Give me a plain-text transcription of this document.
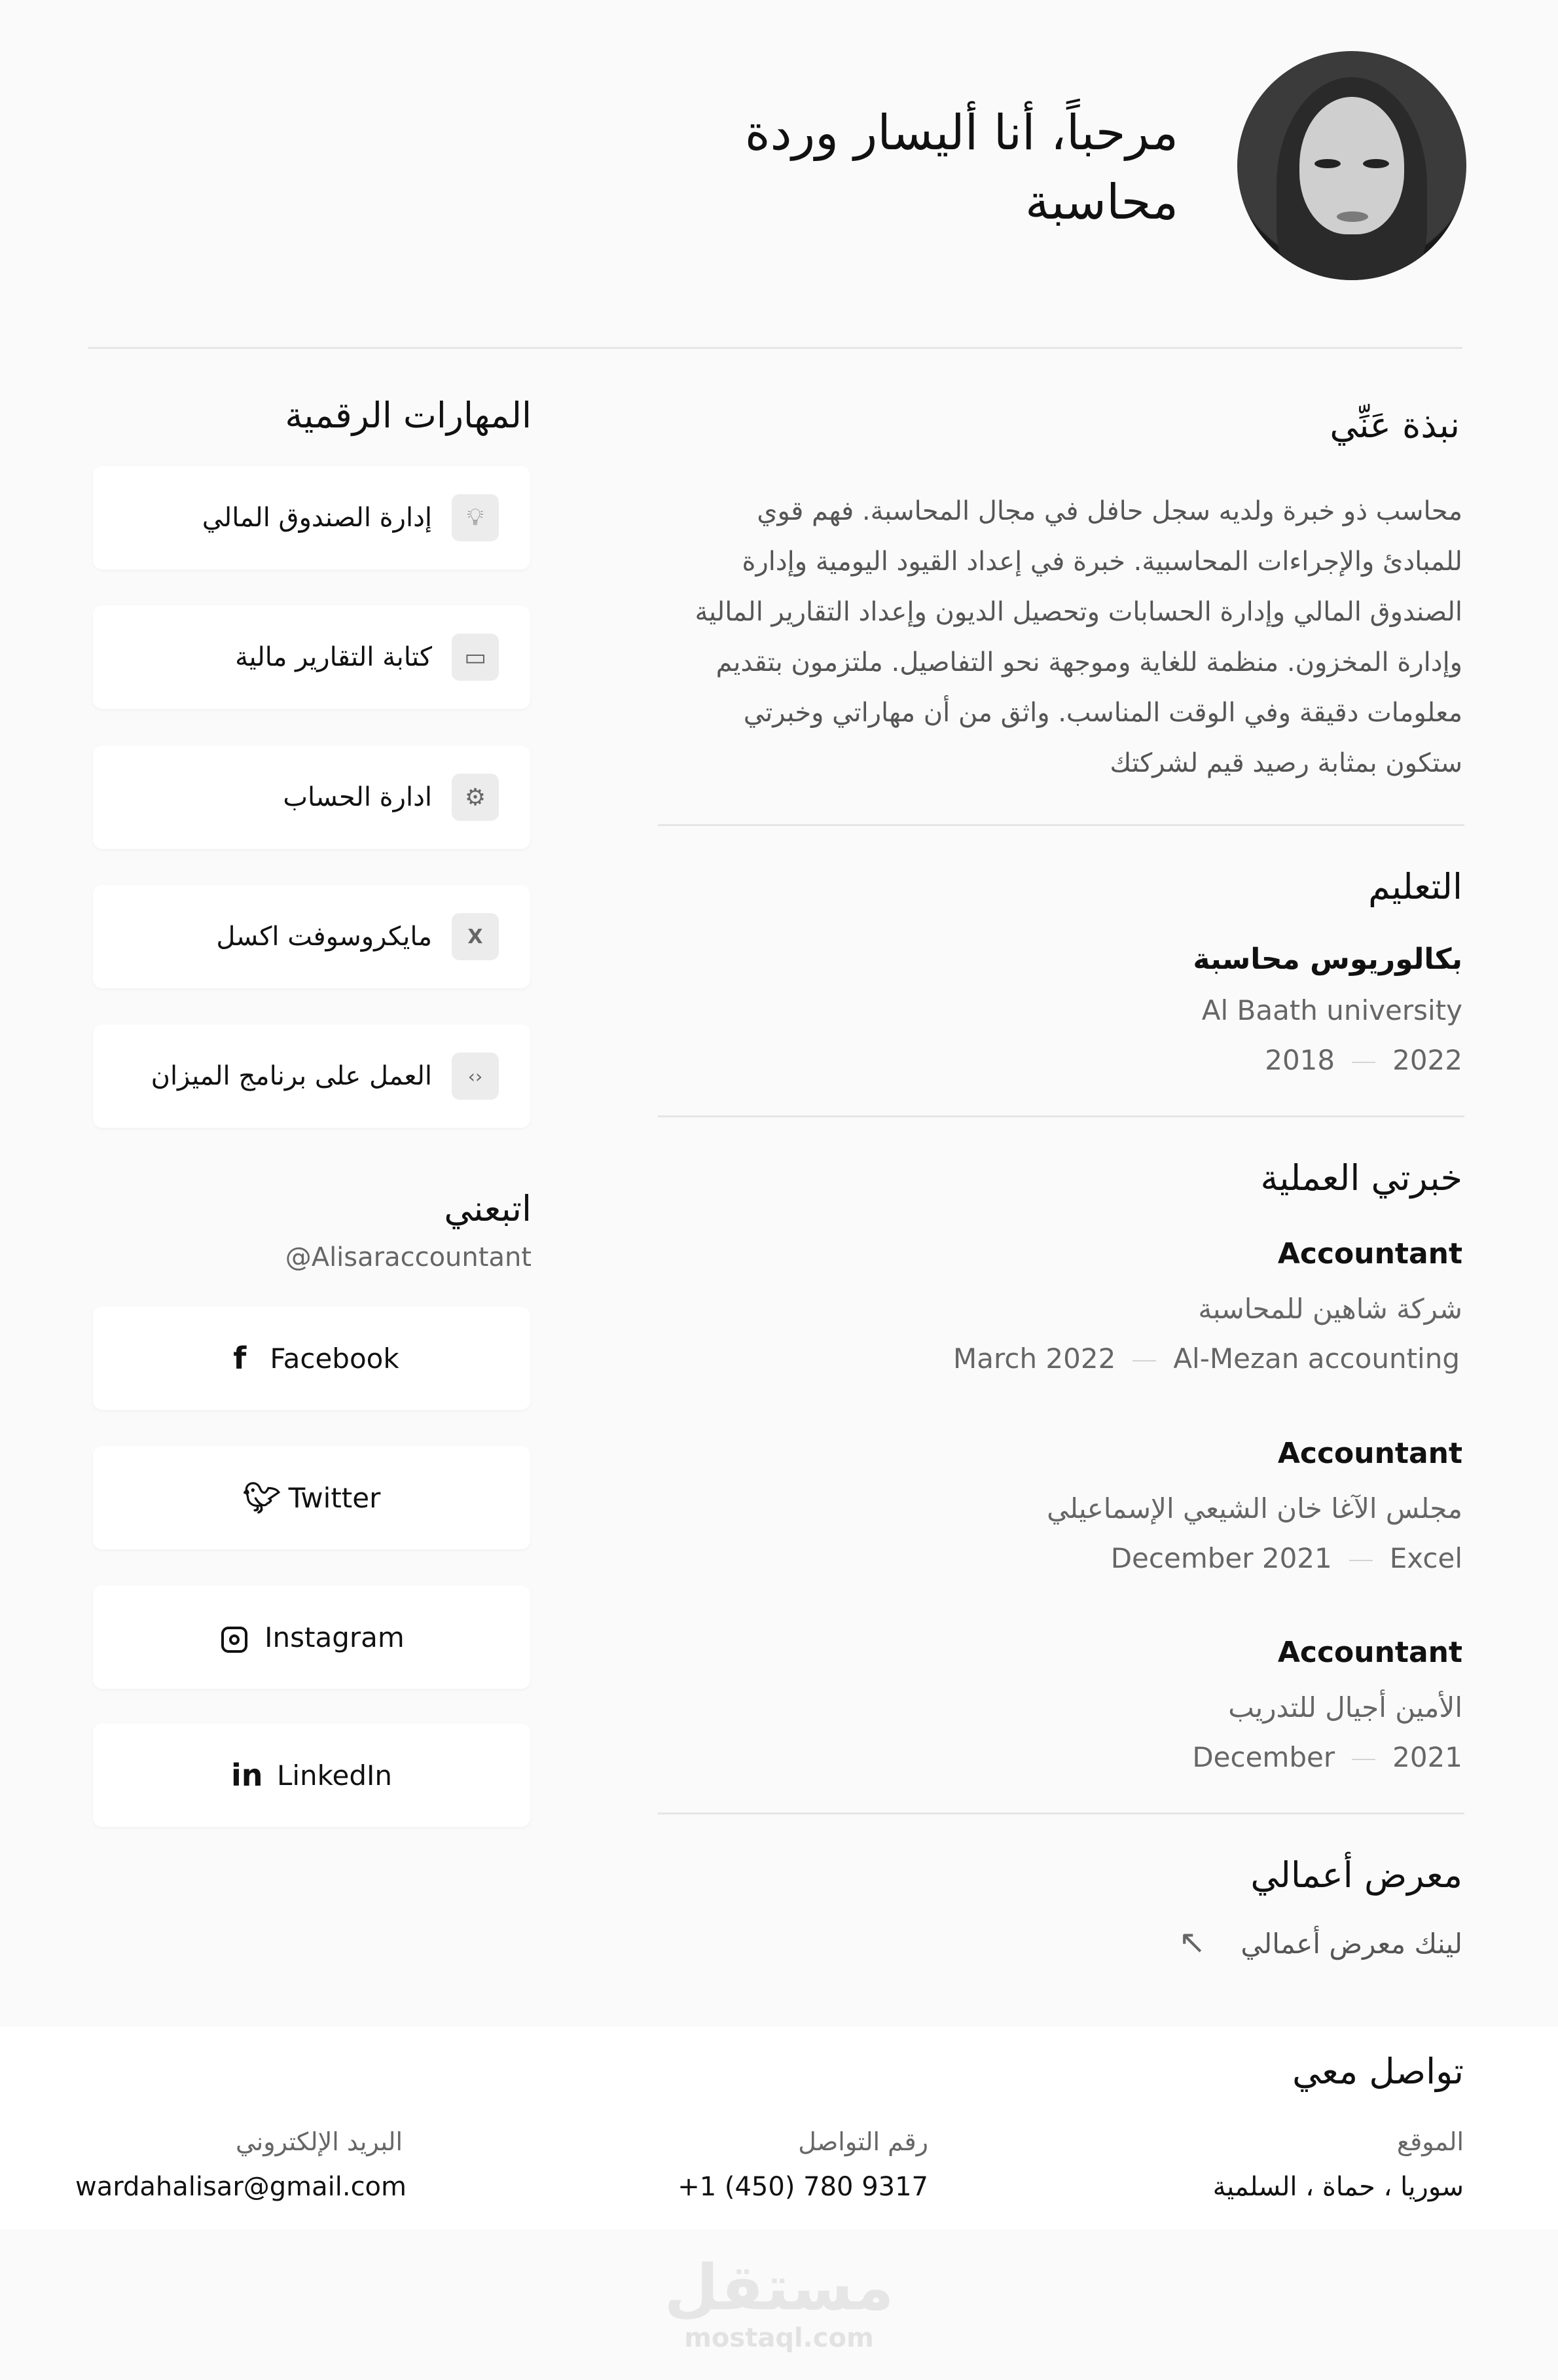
مرحباً، أنا أليسار وردة
محاسبة
نبذة عَنِّي
محاسب ذو خبرة ولديه سجل حافل في مجال المحاسبة. فهم قوي
للمبادئ والإجراءات المحاسبية. خبرة في إعداد القيود اليومية وإدارة
الصندوق المالي وإدارة الحسابات وتحصيل الديون وإعداد التقارير المالية
وإدارة المخزون. منظمة للغاية وموجهة نحو التفاصيل. ملتزمون بتقديم
معلومات دقيقة وفي الوقت المناسب. واثق من أن مهاراتي وخبرتي
ستكون بمثابة رصيد قيم لشركتك
التعليم
بكالوريوس محاسبة
Al Baath university
2018 2022
خبرتي العملية
Accountant
شركة شاهين للمحاسبة
March 2022 Al-Mezan accounting
Accountant
مجلس الآغا خان الشيعي الإسماعيلي
December 2021 Excel
Accountant
الأمين أجيال للتدريب
December 2021
معرض أعمالي
لينك معرض أعمالي ↖
المهارات الرقمية
💡︎
إدارة الصندوق المالي
▭
كتابة التقارير مالية
⚙
ادارة الحساب
X
مايكروسوفت اكسل
‹›
العمل على برنامج الميزان
اتبعني
@Alisaraccountant
f Facebook
🐦︎ Twitter
Instagram
in LinkedIn
تواصل معي
الموقع
سوريا ، حماة ، السلمية
رقم التواصل
+1 (450) 780 9317
البريد الإلكتروني
wardahalisar@gmail.com
مستقل
mostaql.com
